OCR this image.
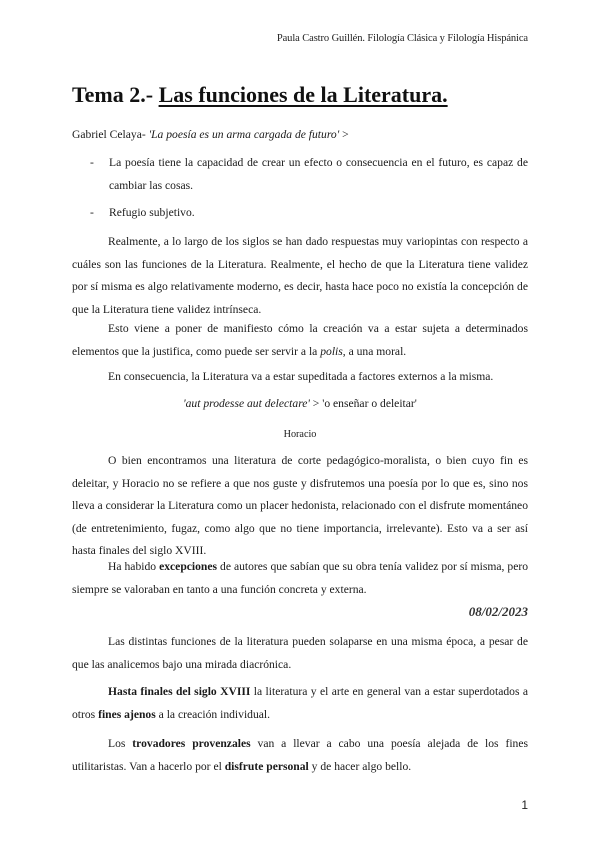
Paula Castro Guillén. Filología Clásica y Filología Hispánica
Tema 2.- Las funciones de la Literatura.
Gabriel Celaya- 'La poesía es un arma cargada de futuro' >
- La poesía tiene la capacidad de crear un efecto o consecuencia en el futuro, es capaz de cambiar las cosas.
- Refugio subjetivo.
Realmente, a lo largo de los siglos se han dado respuestas muy variopintas con respecto a cuáles son las funciones de la Literatura. Realmente, el hecho de que la Literatura tiene validez por sí misma es algo relativamente moderno, es decir, hasta hace poco no existía la concepción de que la Literatura tiene validez intrínseca.
Esto viene a poner de manifiesto cómo la creación va a estar sujeta a determinados elementos que la justifica, como puede ser servir a la polis, a una moral.
En consecuencia, la Literatura va a estar supeditada a factores externos a la misma.
'aut prodesse aut delectare' > 'o enseñar o deleitar'
Horacio
O bien encontramos una literatura de corte pedagógico-moralista, o bien cuyo fin es deleitar, y Horacio no se refiere a que nos guste y disfrutemos una poesía por lo que es, sino nos lleva a considerar la Literatura como un placer hedonista, relacionado con el disfrute momentáneo (de entretenimiento, fugaz, como algo que no tiene importancia, irrelevante). Esto va a ser así hasta finales del siglo XVIII.
Ha habido excepciones de autores que sabían que su obra tenía validez por sí misma, pero siempre se valoraban en tanto a una función concreta y externa.
08/02/2023
Las distintas funciones de la literatura pueden solaparse en una misma época, a pesar de que las analicemos bajo una mirada diacrónica.
Hasta finales del siglo XVIII la literatura y el arte en general van a estar superdotados a otros fines ajenos a la creación individual.
Los trovadores provenzales van a llevar a cabo una poesía alejada de los fines utilitaristas. Van a hacerlo por el disfrute personal y de hacer algo bello.
1
